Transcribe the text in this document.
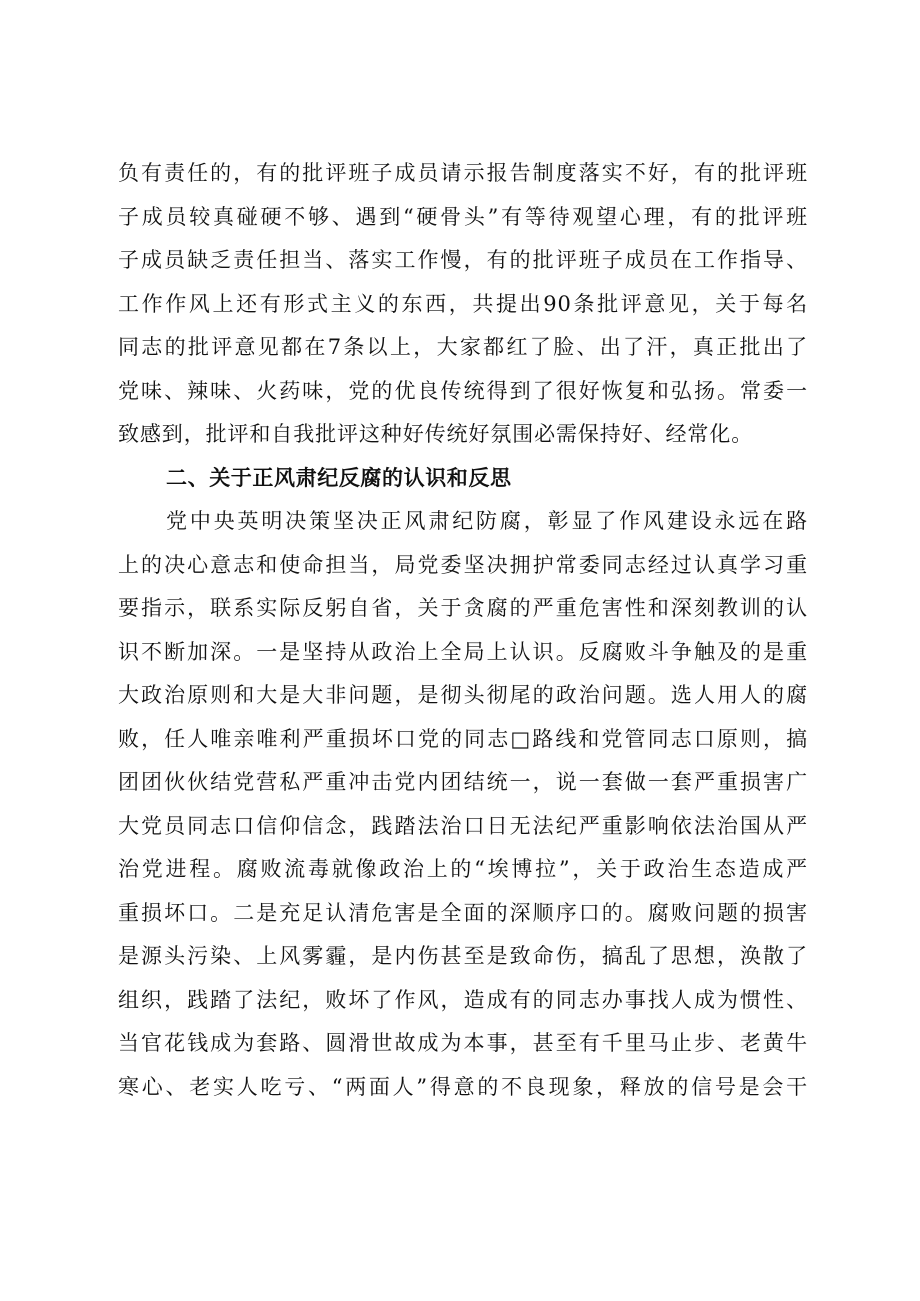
负有责任的，有的批评班子成员请示报告制度落实不好，有的批评班
子成员较真碰硬不够、遇到“硬骨头”有等待观望心理，有的批评班
子成员缺乏责任担当、落实工作慢，有的批评班子成员在工作指导、
工作作风上还有形式主义的东西，共提出90条批评意见，关于每名
同志的批评意见都在7条以上，大家都红了脸、出了汗，真正批出了
党味、辣味、火药味，党的优良传统得到了很好恢复和弘扬。常委一
致感到，批评和自我批评这种好传统好氛围必需保持好、经常化。
二、关于正风肃纪反腐的认识和反思
党中央英明决策坚决正风肃纪防腐，彰显了作风建设永远在路
上的决心意志和使命担当，局党委坚决拥护常委同志经过认真学习重
要指示，联系实际反躬自省，关于贪腐的严重危害性和深刻教训的认
识不断加深。一是坚持从政治上全局上认识。反腐败斗争触及的是重
大政治原则和大是大非问题，是彻头彻尾的政治问题。选人用人的腐
败，任人唯亲唯利严重损坏口党的同志□路线和党管同志口原则，搞
团团伙伙结党营私严重冲击党内团结统一，说一套做一套严重损害广
大党员同志口信仰信念，践踏法治口日无法纪严重影响依法治国从严
治党进程。腐败流毒就像政治上的“埃博拉”，关于政治生态造成严
重损坏口。二是充足认清危害是全面的深顺序口的。腐败问题的损害
是源头污染、上风雾霾，是内伤甚至是致命伤，搞乱了思想，涣散了
组织，践踏了法纪，败坏了作风，造成有的同志办事找人成为惯性、
当官花钱成为套路、圆滑世故成为本事，甚至有千里马止步、老黄牛
寒心、老实人吃亏、“两面人”得意的不良现象，释放的信号是会干
